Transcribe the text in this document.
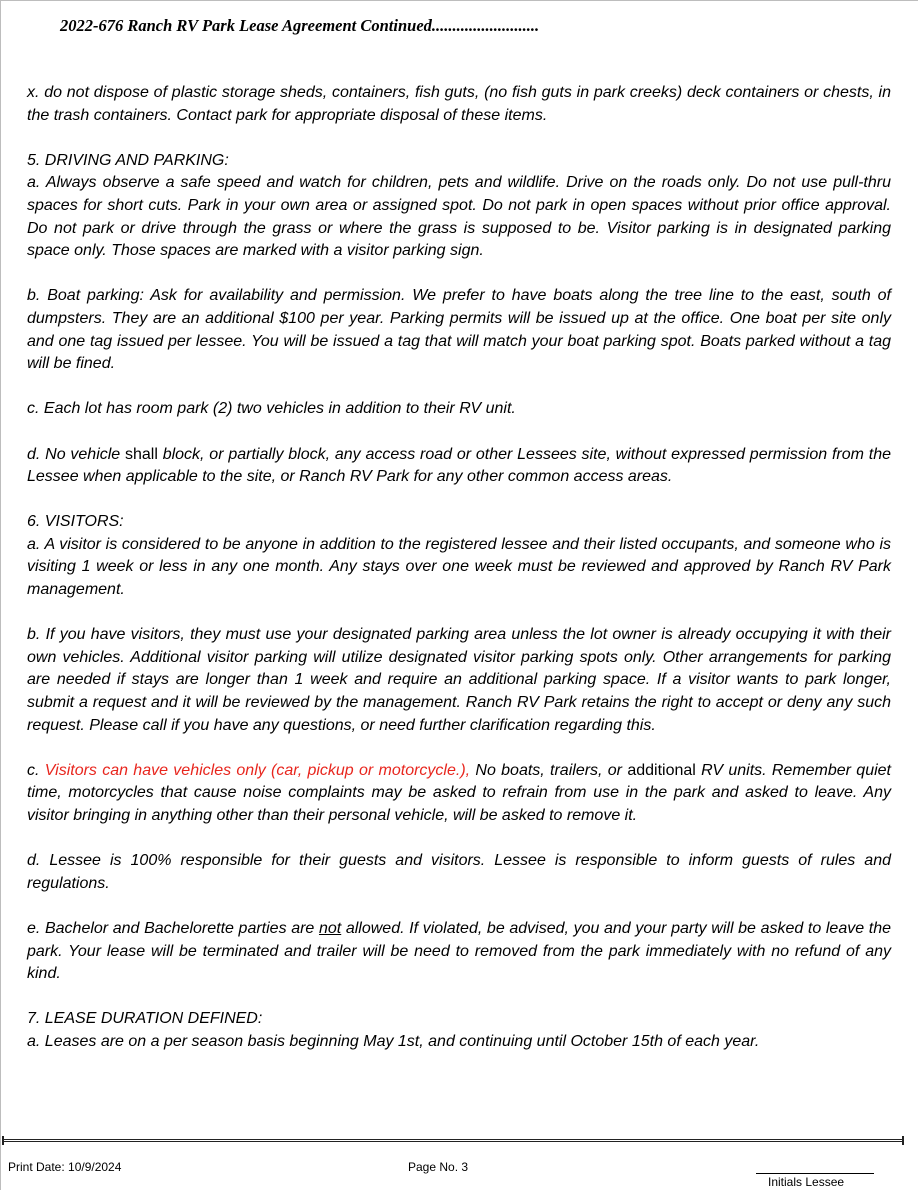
2022-676 Ranch RV Park Lease Agreement Continued..........................

x. do not dispose of plastic storage sheds, containers, fish guts, (no fish guts in park creeks) deck containers or chests, in the trash containers. Contact park for appropriate disposal of these items.

5. DRIVING AND PARKING:

a. Always observe a safe speed and watch for children, pets and wildlife. Drive on the roads only. Do not use pull-thru spaces for short cuts. Park in your own area or assigned spot. Do not park in open spaces without prior office approval. Do not park or drive through the grass or where the grass is supposed to be. Visitor parking is in designated parking space only. Those spaces are marked with a visitor parking sign.

b. Boat parking: Ask for availability and permission. We prefer to have boats along the tree line to the east, south of dumpsters. They are an additional $100 per year. Parking permits will be issued up at the office. One boat per site only and one tag issued per lessee. You will be issued a tag that will match your boat parking spot. Boats parked without a tag will be fined.

c. Each lot has room park (2) two vehicles in addition to their RV unit.

d. No vehicle shall block, or partially block, any access road or other Lessees site, without expressed permission from the Lessee when applicable to the site, or Ranch RV Park for any other common access areas.

6. VISITORS:

a. A visitor is considered to be anyone in addition to the registered lessee and their listed occupants, and someone who is visiting 1 week or less in any one month. Any stays over one week must be reviewed and approved by Ranch RV Park management.

b. If you have visitors, they must use your designated parking area unless the lot owner is already occupying it with their own vehicles. Additional visitor parking will utilize designated visitor parking spots only. Other arrangements for parking are needed if stays are longer than 1 week and require an additional parking space. If a visitor wants to park longer, submit a request and it will be reviewed by the management. Ranch RV Park retains the right to accept or deny any such request. Please call if you have any questions, or need further clarification regarding this.

c. Visitors can have vehicles only (car, pickup or motorcycle.), No boats, trailers, or additional RV units. Remember quiet time, motorcycles that cause noise complaints may be asked to refrain from use in the park and asked to leave. Any visitor bringing in anything other than their personal vehicle, will be asked to remove it.

d. Lessee is 100% responsible for their guests and visitors. Lessee is responsible to inform guests of rules and regulations.

e. Bachelor and Bachelorette parties are not allowed. If violated, be advised, you and your party will be asked to leave the park. Your lease will be terminated and trailer will be need to removed from the park immediately with no refund of any kind.

7. LEASE DURATION DEFINED:

a. Leases are on a per season basis beginning May 1st, and continuing until October 15th of each year.

Print Date: 10/9/2024	Page No. 3
Initials Lessee
